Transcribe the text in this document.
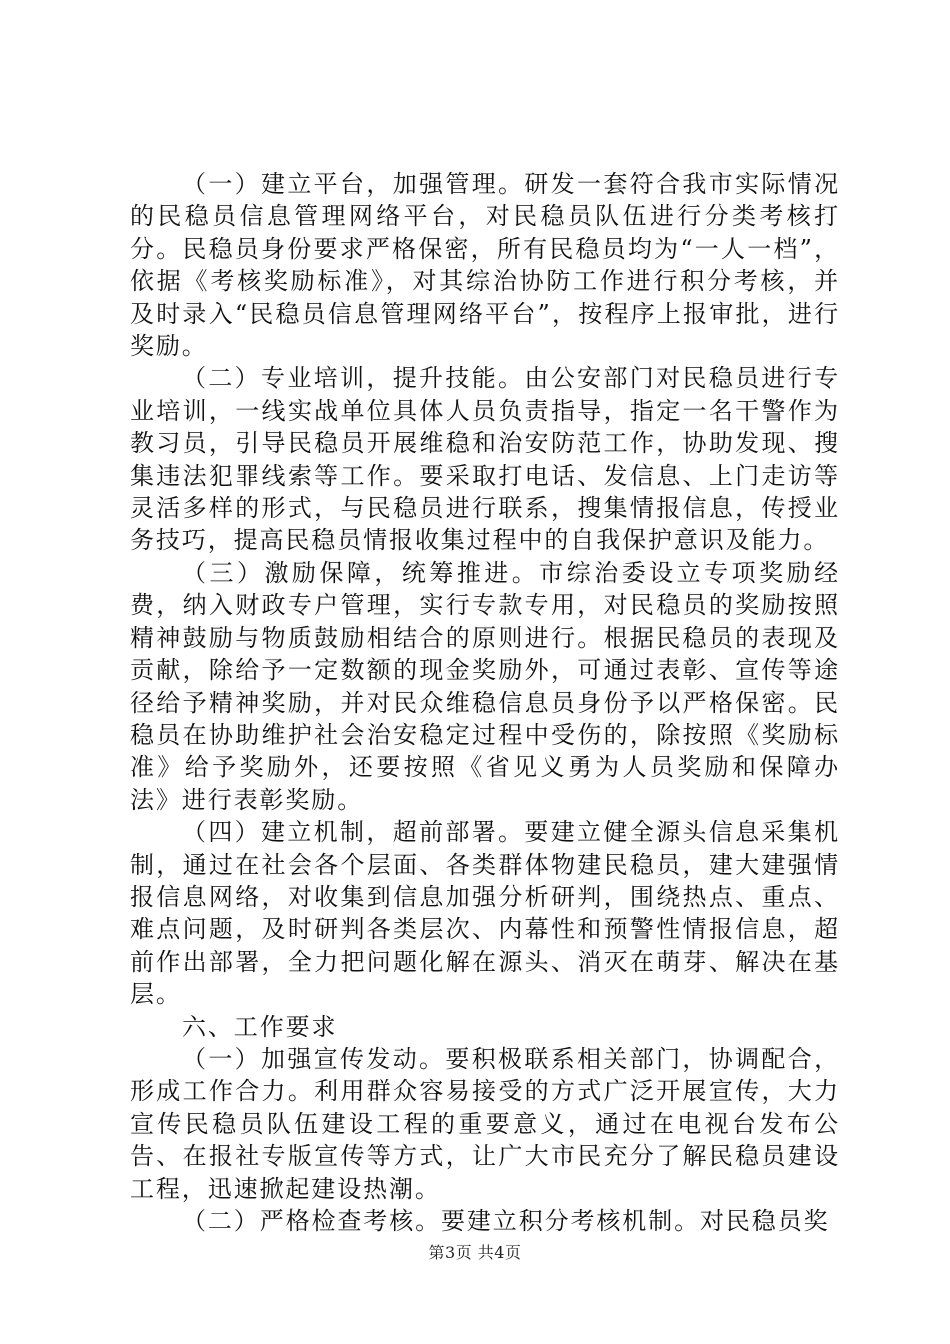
（一）建立平台，加强管理。研发一套符合我市实际情况的民稳员信息管理网络平台，对民稳员队伍进行分类考核打分。民稳员身份要求严格保密，所有民稳员均为“一人一档”，依据《考核奖励标准》，对其综治协防工作进行积分考核，并及时录入“民稳员信息管理网络平台”，按程序上报审批，进行奖励。

（二）专业培训，提升技能。由公安部门对民稳员进行专业培训，一线实战单位具体人员负责指导，指定一名干警作为教习员，引导民稳员开展维稳和治安防范工作，协助发现、搜集违法犯罪线索等工作。要采取打电话、发信息、上门走访等灵活多样的形式，与民稳员进行联系，搜集情报信息，传授业务技巧，提高民稳员情报收集过程中的自我保护意识及能力。

（三）激励保障，统筹推进。市综治委设立专项奖励经费，纳入财政专户管理，实行专款专用，对民稳员的奖励按照精神鼓励与物质鼓励相结合的原则进行。根据民稳员的表现及贡献，除给予一定数额的现金奖励外，可通过表彰、宣传等途径给予精神奖励，并对民众维稳信息员身份予以严格保密。民稳员在协助维护社会治安稳定过程中受伤的，除按照《奖励标准》给予奖励外，还要按照《省见义勇为人员奖励和保障办法》进行表彰奖励。

（四）建立机制，超前部署。要建立健全源头信息采集机制，通过在社会各个层面、各类群体物建民稳员，建大建强情报信息网络，对收集到信息加强分析研判，围绕热点、重点、难点问题，及时研判各类层次、内幕性和预警性情报信息，超前作出部署，全力把问题化解在源头、消灭在萌芽、解决在基层。

六、工作要求

（一）加强宣传发动。要积极联系相关部门，协调配合，形成工作合力。利用群众容易接受的方式广泛开展宣传，大力宣传民稳员队伍建设工程的重要意义，通过在电视台发布公告、在报社专版宣传等方式，让广大市民充分了解民稳员建设工程，迅速掀起建设热潮。

（二）严格检查考核。要建立积分考核机制。对民稳员奖

第3页 共4页
